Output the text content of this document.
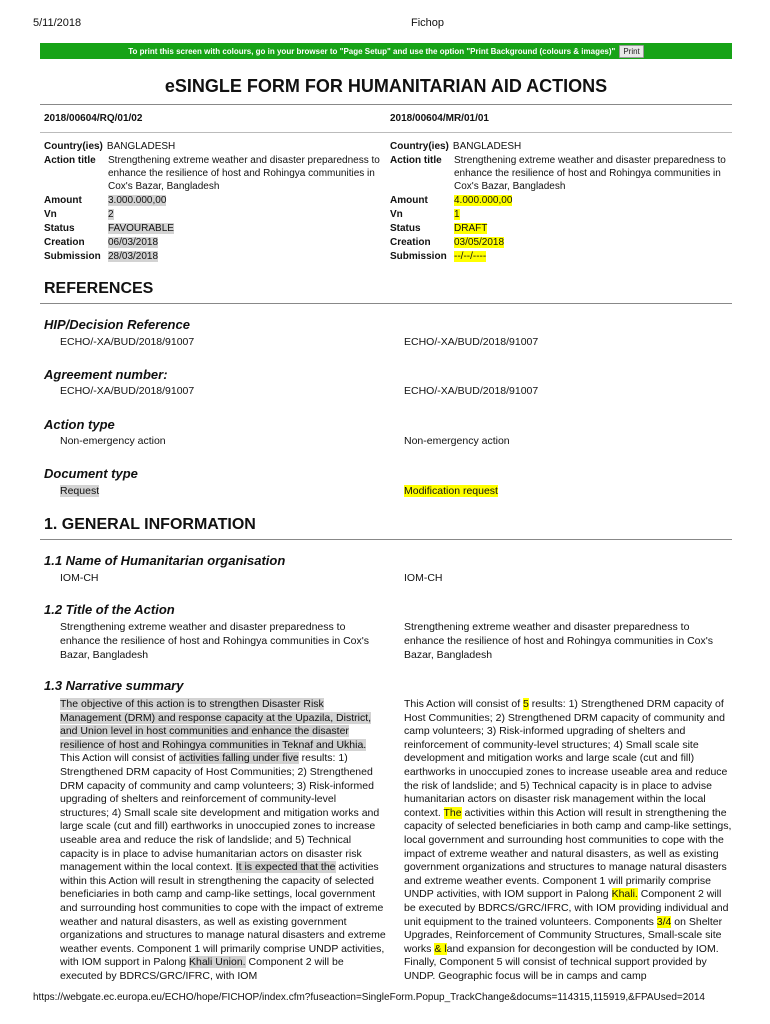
5/11/2018	Fichop
To print this screen with colours, go in your browser to "Page Setup" and use the option "Print Background (colours & images)"	Print
eSINGLE FORM FOR HUMANITARIAN AID ACTIONS
2018/00604/RQ/01/02	2018/00604/MR/01/01
Country(ies) BANGLADESH
Action title	Strengthening extreme weather and disaster preparedness to enhance the resilience of host and Rohingya communities in Cox's Bazar, Bangladesh
Amount	3.000.000,00
Vn	2
Status	FAVOURABLE
Creation	06/03/2018
Submission 28/03/2018
Country(ies) BANGLADESH
Action title	Strengthening extreme weather and disaster preparedness to enhance the resilience of host and Rohingya communities in Cox's Bazar, Bangladesh
Amount	4.000.000,00
Vn	1
Status	DRAFT
Creation	03/05/2018
Submission --/--/----
REFERENCES
HIP/Decision Reference
ECHO/-XA/BUD/2018/91007	ECHO/-XA/BUD/2018/91007
Agreement number:
ECHO/-XA/BUD/2018/91007	ECHO/-XA/BUD/2018/91007
Action type
Non-emergency action	Non-emergency action
Document type
Request	Modification request
1. GENERAL INFORMATION
1.1 Name of Humanitarian organisation
IOM-CH	IOM-CH
1.2 Title of the Action
Strengthening extreme weather and disaster preparedness to enhance the resilience of host and Rohingya communities in Cox's Bazar, Bangladesh
Strengthening extreme weather and disaster preparedness to enhance the resilience of host and Rohingya communities in Cox's Bazar, Bangladesh
1.3 Narrative summary
The objective of this action is to strengthen Disaster Risk Management (DRM) and response capacity at the Upazila, District, and Union level in host communities and enhance the disaster resilience of host and Rohingya communities in Teknaf and Ukhia. This Action will consist of activities falling under five results: 1) Strengthened DRM capacity of Host Communities; 2) Strengthened DRM capacity of community and camp volunteers; 3) Risk-informed upgrading of shelters and reinforcement of community-level structures; 4) Small scale site development and mitigation works and large scale (cut and fill) earthworks in unoccupied zones to increase useable area and reduce the risk of landslide; and 5) Technical capacity is in place to advise humanitarian actors on disaster risk management within the local context. It is expected that the activities within this Action will result in strengthening the capacity of selected beneficiaries in both camp and camp-like settings, local government and surrounding host communities to cope with the impact of extreme weather and natural disasters, as well as existing government organizations and structures to manage natural disasters and extreme weather events. Component 1 will primarily comprise UNDP activities, with IOM support in Palong Khali Union. Component 2 will be executed by BDRCS/GRC/IFRC, with IOM
This Action will consist of 5 results: 1) Strengthened DRM capacity of Host Communities; 2) Strengthened DRM capacity of community and camp volunteers; 3) Risk-informed upgrading of shelters and reinforcement of community-level structures; 4) Small scale site development and mitigation works and large scale (cut and fill) earthworks in unoccupied zones to increase useable area and reduce the risk of landslide; and 5) Technical capacity is in place to advise humanitarian actors on disaster risk management within the local context. The activities within this Action will result in strengthening the capacity of selected beneficiaries in both camp and camp-like settings, local government and surrounding host communities to cope with the impact of extreme weather and natural disasters, as well as existing government organizations and structures to manage natural disasters and extreme weather events. Component 1 will primarily comprise UNDP activities, with IOM support in Palong Khali. Component 2 will be executed by BDRCS/GRC/IFRC, with IOM providing individual and unit equipment to the trained volunteers. Components 3/4 on Shelter Upgrades, Reinforcement of Community Structures, Small-scale site works & land expansion for decongestion will be conducted by IOM. Finally, Component 5 will consist of technical support provided by UNDP. Geographic focus will be in camps and camp
https://webgate.ec.europa.eu/ECHO/hope/FICHOP/index.cfm?fuseaction=SingleForm.Popup_TrackChange&docums=114315,115919,&FPAUsed=2014
